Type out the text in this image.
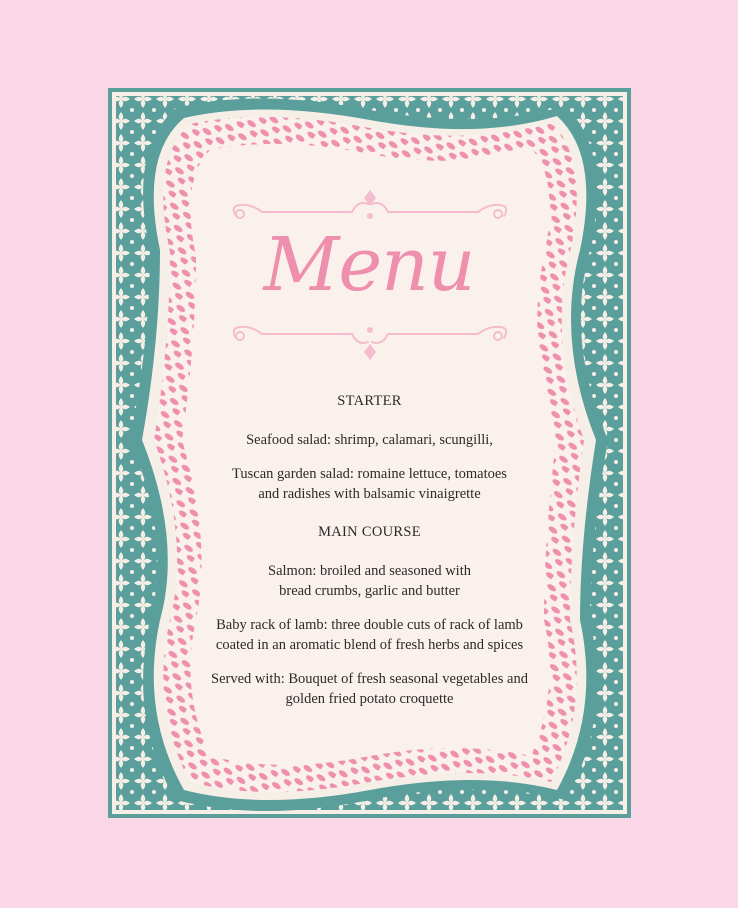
Menu

STARTER

Seafood salad: shrimp, calamari, scungilli,

Tuscan garden salad: romaine lettuce, tomatoes
and radishes with balsamic vinaigrette

MAIN COURSE

Salmon: broiled and seasoned with
bread crumbs, garlic and butter

Baby rack of lamb: three double cuts of rack of lamb
coated in an aromatic blend of fresh herbs and spices

Served with: Bouquet of fresh seasonal vegetables and
golden fried potato croquette
